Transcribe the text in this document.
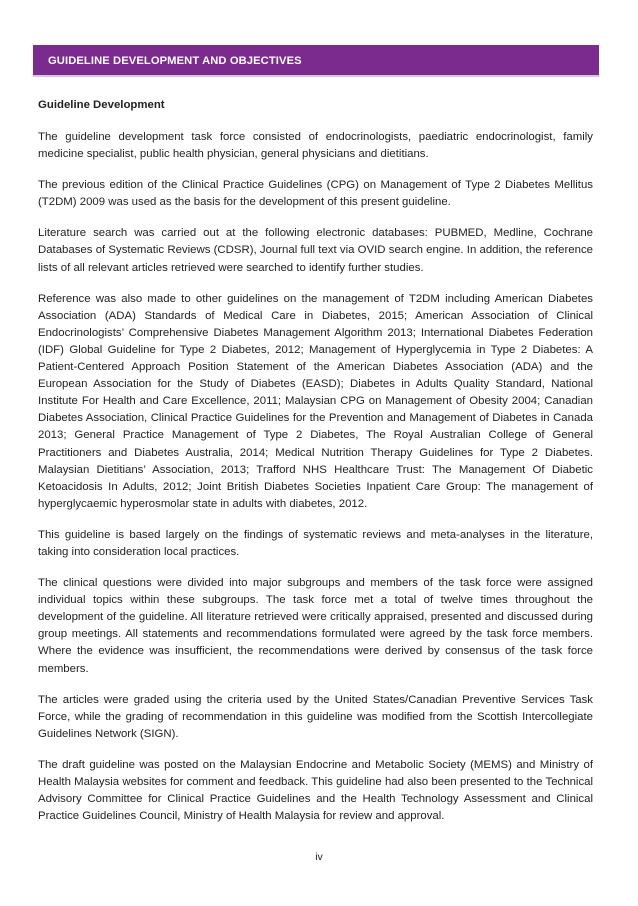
GUIDELINE DEVELOPMENT AND OBJECTIVES
Guideline Development

The guideline development task force consisted of endocrinologists, paediatric endocrinologist, family medicine specialist, public health physician, general physicians and dietitians.

The previous edition of the Clinical Practice Guidelines (CPG) on Management of Type 2 Diabetes Mellitus (T2DM) 2009 was used as the basis for the development of this present guideline.

Literature search was carried out at the following electronic databases: PUBMED, Medline, Cochrane Databases of Systematic Reviews (CDSR), Journal full text via OVID search engine. In addition, the reference lists of all relevant articles retrieved were searched to identify further studies.

Reference was also made to other guidelines on the management of T2DM including American Diabetes Association (ADA) Standards of Medical Care in Diabetes, 2015; American Association of Clinical Endocrinologists’ Comprehensive Diabetes Management Algorithm 2013; International Diabetes Federation (IDF) Global Guideline for Type 2 Diabetes, 2012; Management of Hyperglycemia in Type 2 Diabetes: A Patient-Centered Approach Position Statement of the American Diabetes Association (ADA) and the European Association for the Study of Diabetes (EASD); Diabetes in Adults Quality Standard, National Institute For Health and Care Excellence, 2011; Malaysian CPG on Management of Obesity 2004; Canadian Diabetes Association, Clinical Practice Guidelines for the Prevention and Management of Diabetes in Canada 2013; General Practice Management of Type 2 Diabetes, The Royal Australian College of General Practitioners and Diabetes Australia, 2014; Medical Nutrition Therapy Guidelines for Type 2 Diabetes. Malaysian Dietitians’ Association, 2013; Trafford NHS Healthcare Trust: The Management Of Diabetic Ketoacidosis In Adults, 2012; Joint British Diabetes Societies Inpatient Care Group: The management of hyperglycaemic hyperosmolar state in adults with diabetes, 2012.

This guideline is based largely on the findings of systematic reviews and meta-analyses in the literature, taking into consideration local practices.

The clinical questions were divided into major subgroups and members of the task force were assigned individual topics within these subgroups. The task force met a total of twelve times throughout the development of the guideline. All literature retrieved were critically appraised, presented and discussed during group meetings. All statements and recommendations formulated were agreed by the task force members. Where the evidence was insufficient, the recommendations were derived by consensus of the task force members.

The articles were graded using the criteria used by the United States/Canadian Preventive Services Task Force, while the grading of recommendation in this guideline was modified from the Scottish Intercollegiate Guidelines Network (SIGN).

The draft guideline was posted on the Malaysian Endocrine and Metabolic Society (MEMS) and Ministry of Health Malaysia websites for comment and feedback. This guideline had also been presented to the Technical Advisory Committee for Clinical Practice Guidelines and the Health Technology Assessment and Clinical Practice Guidelines Council, Ministry of Health Malaysia for review and approval.

iv
